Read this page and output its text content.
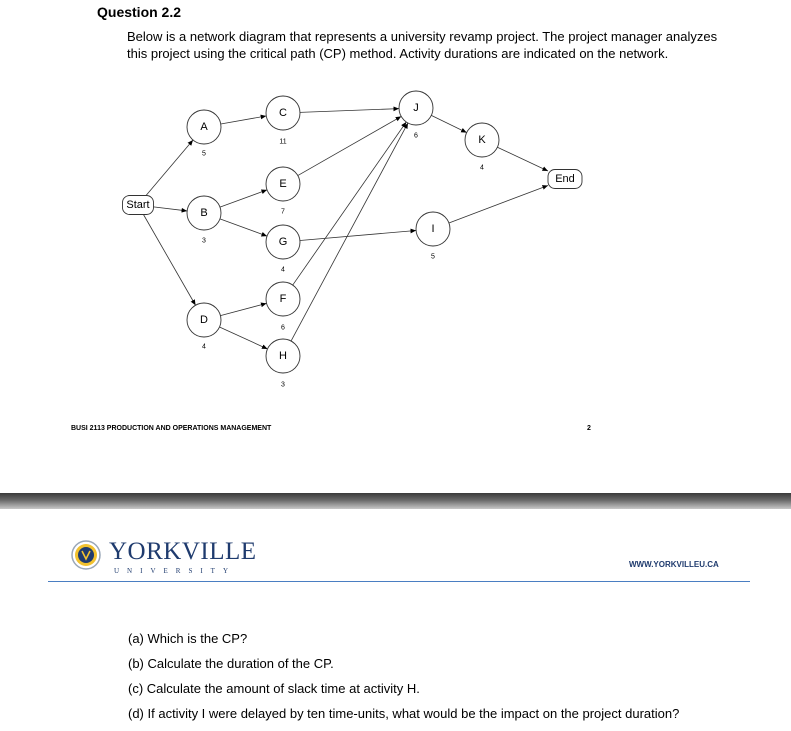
Question 2.2
Below is a network diagram that represents a university revamp project. The project manager analyzes
this project using the critical path (CP) method. Activity durations are indicated on the network.
Start
End
A
5
B
3
D
4
C
11
E
7
G
4
F
6
H
3
J
6
I
5
K
4
BUSI 2113 PRODUCTION AND OPERATIONS MANAGEMENT	2
YORKVILLE
UNIVERSITY
WWW.YORKVILLEU.CA
(a) Which is the CP?
(b) Calculate the duration of the CP.
(c) Calculate the amount of slack time at activity H.
(d) If activity I were delayed by ten time-units, what would be the impact on the project duration?
